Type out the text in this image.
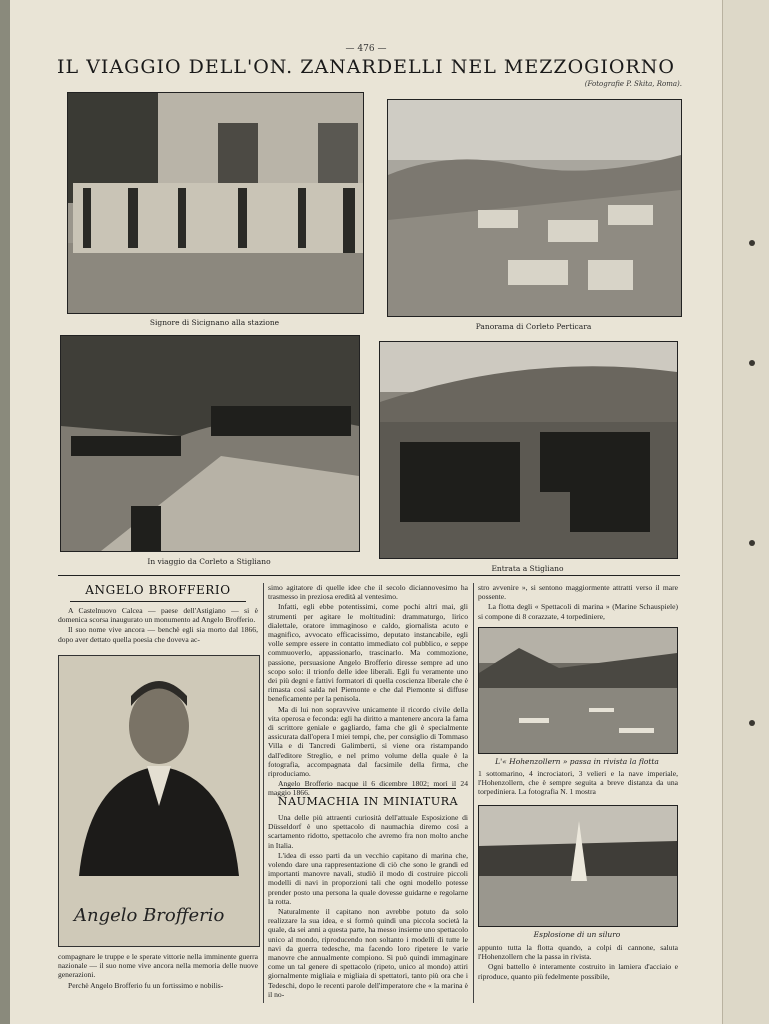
— 476 —
IL VIAGGIO DELL'ON. ZANARDELLI NEL MEZZOGIORNO
(Fotografie P. Skita, Roma).
Signore di Sicignano alla stazione	Panorama di Corleto Perticara
In viaggio da Corleto a Stigliano
Entrata a Stigliano
ANGELO BROFFERIO

A Castelnuovo Calcea — paese dell'Astigiano — si è domenica scorsa inaugurato un monumento ad Angelo Brofferio.

Il suo nome vive ancora — benchè egli sia morto dal 1866, dopo aver dettato quella poesia che doveva ac-

Angelo Brofferio

compagnare le truppe e le sperate vittorie nella imminente guerra nazionale — il suo nome vive ancora nella memoria delle nuove generazioni.

Perchè Angelo Brofferio fu un fortissimo e nobilis-

simo agitatore di quelle idee che il secolo diciannovesimo ha trasmesso in preziosa eredità al ventesimo.

Infatti, egli ebbe potentissimi, come pochi altri mai, gli strumenti per agitare le moltitudini: drammaturgo, lirico dialettale, oratore immaginoso e caldo, giornalista acuto e magnifico, avvocato efficacissimo, deputato instancabile, egli volle sempre essere in contatto immediato col pubblico, e seppe commuoverlo, appassionarlo, trascinarlo. Ma commozione, passione, persuasione Angelo Brofferio diresse sempre ad uno scopo solo: il trionfo delle idee liberali. Egli fu veramente uno dei più degni e fattivi formatori di quella coscienza liberale che è rimasta così salda nel Piemonte e che dal Piemonte si diffuse beneficamente per la penisola.

Ma di lui non sopravvive unicamente il ricordo civile della vita operosa e feconda: egli ha diritto a mantenere ancora la fama di scrittore geniale e gagliardo, fama che gli è specialmente assicurata dall'opera I miei tempi, che, per consiglio di Tommaso Villa e di Tancredi Galimberti, si viene ora ristampando dall'editore Streglio, e nel primo volume della quale è la fotografia, accompagnata dal facsimile della firma, che riproduciamo.

Angelo Brofferio nacque il 6 dicembre 1802; morì il 24 maggio 1866.

NAUMACHIA IN MINIATURA

Una delle più attraenti curiosità dell'attuale Esposizione di Düsseldorf è uno spettacolo di naumachia diremo così a scartamento ridotto, spettacolo che avremo fra non molto anche in Italia.

L'idea di esso parti da un vecchio capitano di marina che, volendo dare una rappresentazione di ciò che sono le grandi ed importanti manovre navali, studiò il modo di costruire piccoli modelli di navi in proporzioni tali che ogni modello potesse prender posto una persona la quale dovesse guidarne e regolarne la rotta.

Naturalmente il capitano non avrebbe potuto da solo realizzare la sua idea, e si formò quindi una piccola società la quale, da sei anni a questa parte, ha messo insieme uno spettacolo unico al mondo, riproducendo non soltanto i modelli di tutte le navi da guerra tedesche, ma facendo loro ripetere le varie manovre che annualmente compiono. Si può quindi immaginare come un tal genere di spettacolo (ripeto, unico al mondo) attiri giornalmente migliaia e migliaia di spettatori, tanto più ora che i Tedeschi, dopo le recenti parole dell'imperatore che « la marina è il no-

stro avvenire », si sentono maggiormente attratti verso il mare possente.

La flotta degli « Spettacoli di marina » (Marine Schauspiele) si compone di 8 corazzate, 4 torpediniere,

L'« Hohenzollern » passa in rivista la flotta

1 sottomarino, 4 incrociatori, 3 velieri e la nave imperiale, l'Hohenzollern, che è sempre seguita a breve distanza da una torpediniera. La fotografia N. 1 mostra

Esplosione di un siluro

appunto tutta la flotta quando, a colpi di cannone, saluta l'Hohenzollern che la passa in rivista.

Ogni battello è interamente costruito in lamiera d'acciaio e riproduce, quanto più fedelmente possibile,
